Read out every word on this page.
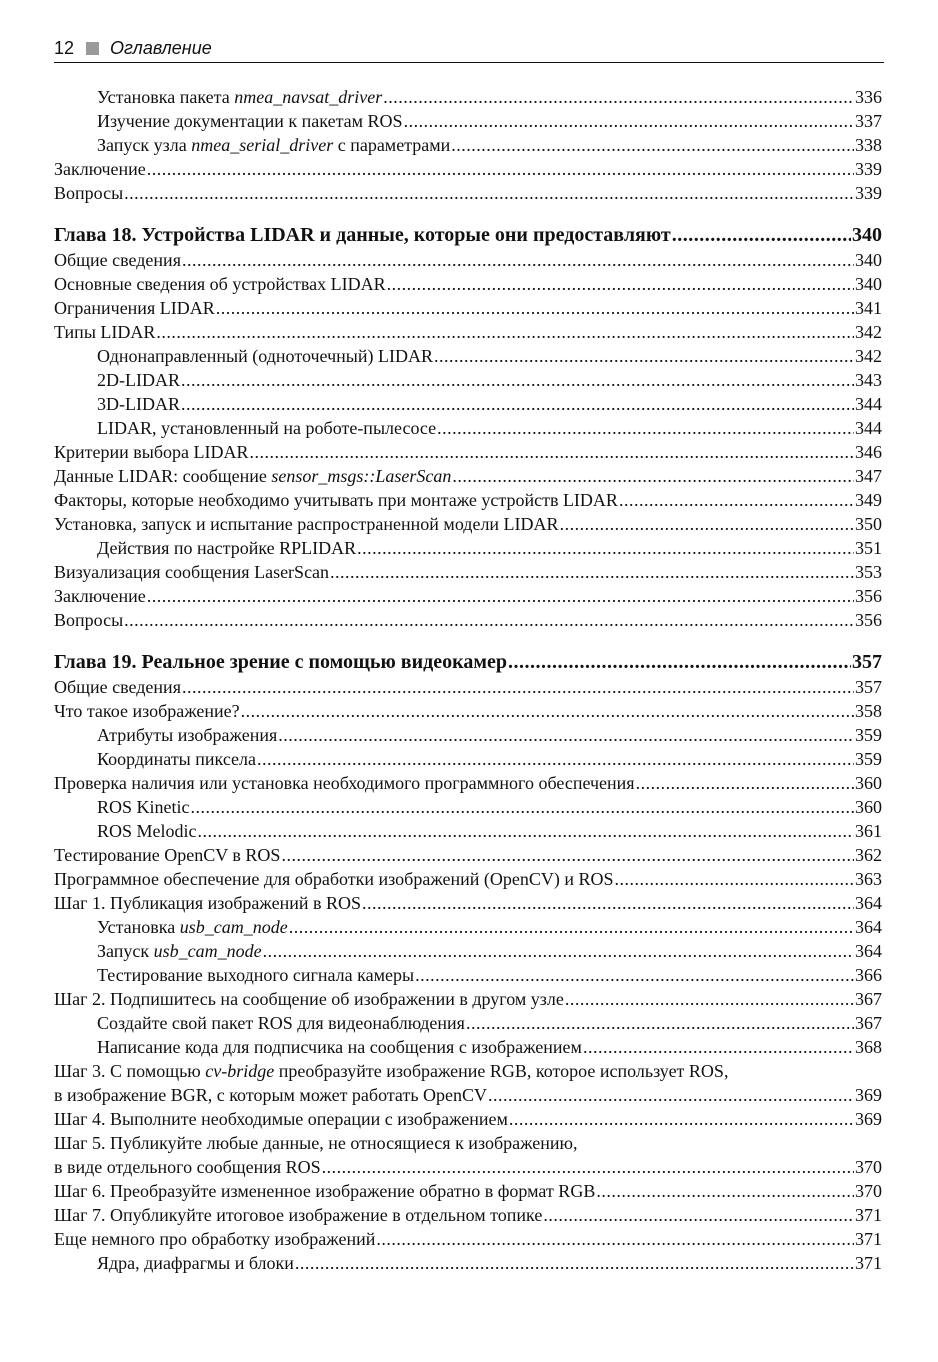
12 Оглавление
Установка пакета nmea_navsat_driver .....	336
Изучение документации к пакетам ROS .....	337
Запуск узла nmea_serial_driver с параметрами .....	338
Заключение .....	339
Вопросы .....	339
Глава 18. Устройства LIDAR и данные, которые они предоставляют .....	340
Общие сведения .....	340
Основные сведения об устройствах LIDAR .....	340
Ограничения LIDAR .....	341
Типы LIDAR .....	342
Однонаправленный (одноточечный) LIDAR .....	342
2D-LIDAR .....	343
3D-LIDAR .....	344
LIDAR, установленный на роботе-пылесосе .....	344
Критерии выбора LIDAR .....	346
Данные LIDAR: сообщение sensor_msgs::LaserScan .....	347
Факторы, которые необходимо учитывать при монтаже устройств LIDAR .....	349
Установка, запуск и испытание распространенной модели LIDAR .....	350
Действия по настройке RPLIDAR .....	351
Визуализация сообщения LaserScan .....	353
Заключение .....	356
Вопросы .....	356
Глава 19. Реальное зрение с помощью видеокамер .....	357
Общие сведения .....	357
Что такое изображение? .....	358
Атрибуты изображения .....	359
Координаты пиксела .....	359
Проверка наличия или установка необходимого программного обеспечения .....	360
ROS Kinetic .....	360
ROS Melodic .....	361
Тестирование OpenCV в ROS .....	362
Программное обеспечение для обработки изображений (OpenCV) и ROS .....	363
Шаг 1. Публикация изображений в ROS .....	364
Установка usb_cam_node .....	364
Запуск usb_cam_node .....	364
Тестирование выходного сигнала камеры .....	366
Шаг 2. Подпишитесь на сообщение об изображении в другом узле .....	367
Создайте свой пакет ROS для видеонаблюдения .....	367
Написание кода для подписчика на сообщения с изображением .....	368
Шаг 3. С помощью cv-bridge преобразуйте изображение RGB, которое использует ROS,
в изображение BGR, с которым может работать OpenCV .....	369
Шаг 4. Выполните необходимые операции с изображением .....	369
Шаг 5. Публикуйте любые данные, не относящиеся к изображению,
в виде отдельного сообщения ROS .....	370
Шаг 6. Преобразуйте измененное изображение обратно в формат RGB .....	370
Шаг 7. Опубликуйте итоговое изображение в отдельном топике .....	371
Еще немного про обработку изображений .....	371
Ядра, диафрагмы и блоки .....	371
